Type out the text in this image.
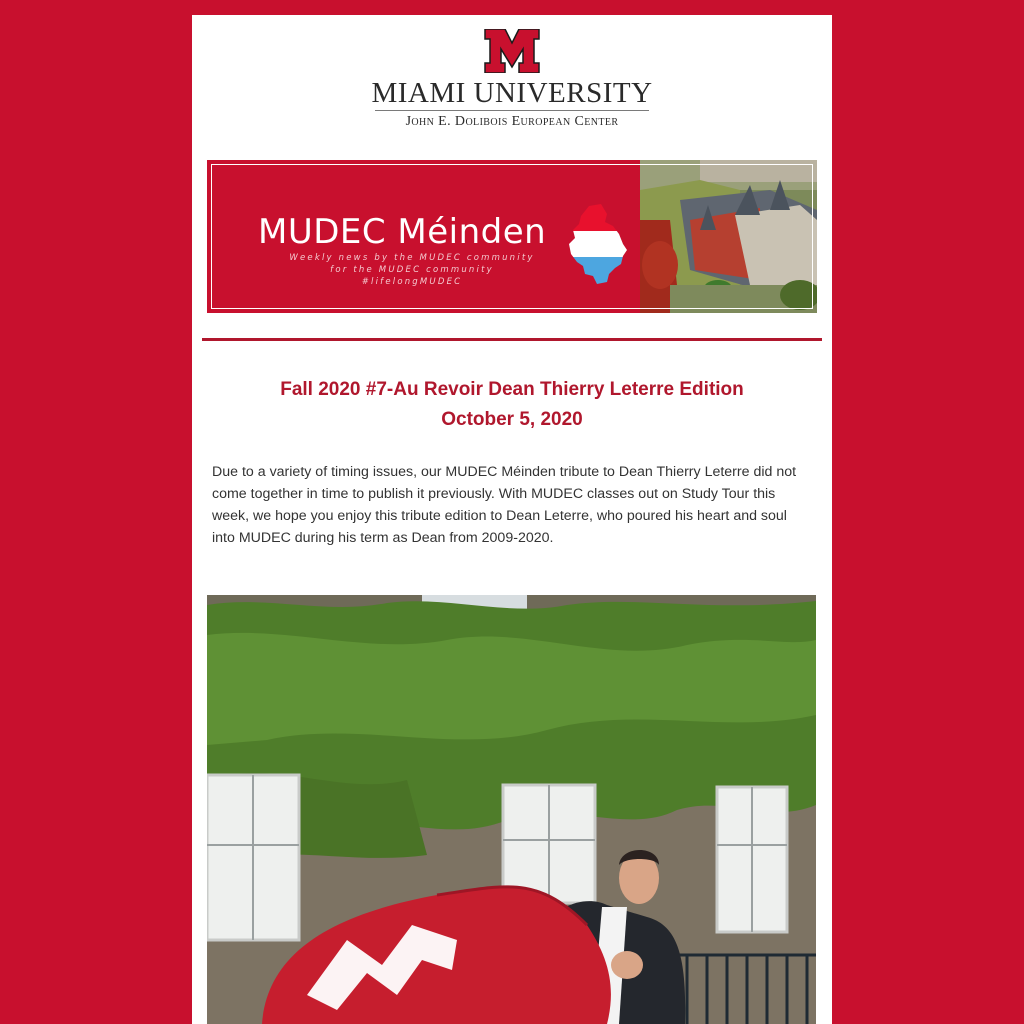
MIAMI UNIVERSITY
John E. Dolibois European Center
MUDEC Méinden
Weekly news by the MUDEC community
for the MUDEC community
#lifelongMUDEC
Fall 2020 #7-Au Revoir Dean Thierry Leterre Edition
October 5, 2020
Due to a variety of timing issues, our MUDEC Méinden tribute to Dean Thierry Leterre did not come together in time to publish it previously. With MUDEC classes out on Study Tour this week, we hope you enjoy this tribute edition to Dean Leterre, who poured his heart and soul into MUDEC during his term as Dean from 2009-2020.
